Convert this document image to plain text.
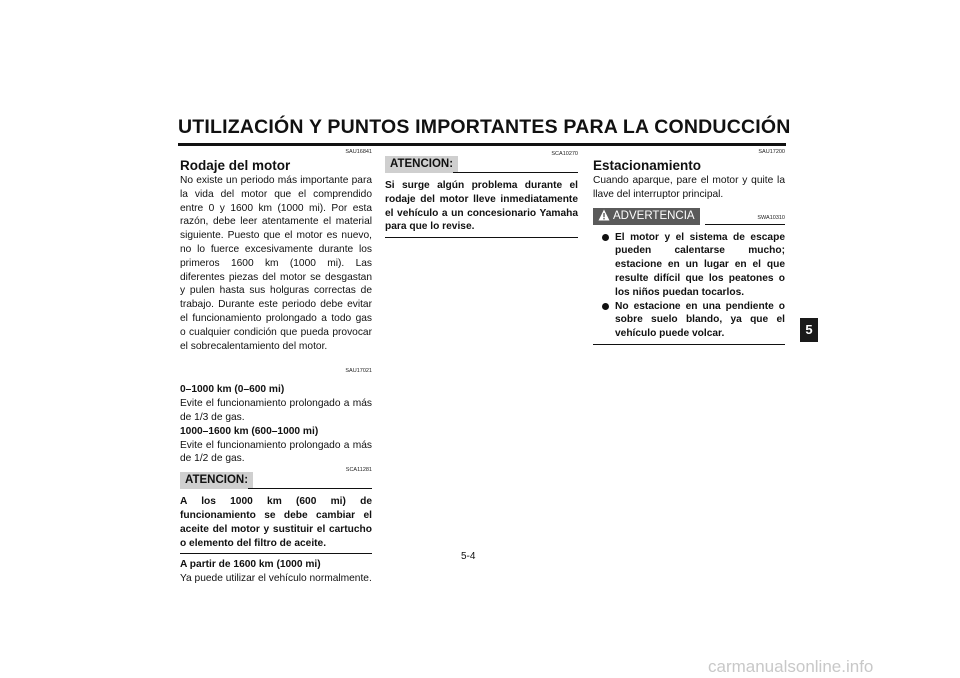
UTILIZACIÓN Y PUNTOS IMPORTANTES PARA LA CONDUCCIÓN
SAU16841
Rodaje del motor
No existe un periodo más importante para la vida del motor que el comprendido entre 0 y 1600 km (1000 mi). Por esta razón, debe leer atentamente el material siguiente. Puesto que el motor es nuevo, no lo fuerce excesivamente durante los primeros 1600 km (1000 mi). Las diferentes piezas del motor se desgastan y pulen hasta sus holguras correctas de trabajo. Durante este periodo debe evitar el funcionamiento prolongado a todo gas o cualquier condición que pueda provocar el sobrecalentamiento del motor.
SAU17021
0–1000 km (0–600 mi)
Evite el funcionamiento prolongado a más de 1/3 de gas.
1000–1600 km (600–1000 mi)
Evite el funcionamiento prolongado a más de 1/2 de gas.
ATENCION:
SCA11281
A los 1000 km (600 mi) de funcionamiento se debe cambiar el aceite del motor y sustituir el cartucho o elemento del filtro de aceite.
A partir de 1600 km (1000 mi)
Ya puede utilizar el vehículo normalmente.
ATENCION:
SCA10270
Si surge algún problema durante el rodaje del motor lleve inmediatamente el vehículo a un concesionario Yamaha para que lo revise.
SAU17200
Estacionamiento
Cuando aparque, pare el motor y quite la llave del interruptor principal.
ADVERTENCIA	SWA10310
El motor y el sistema de escape pueden calentarse mucho; estacione en un lugar en el que resulte difícil que los peatones o los niños puedan tocarlos.
No estacione en una pendiente o sobre suelo blando, ya que el vehículo puede volcar.	5
5-4
carmanualsonline.info
